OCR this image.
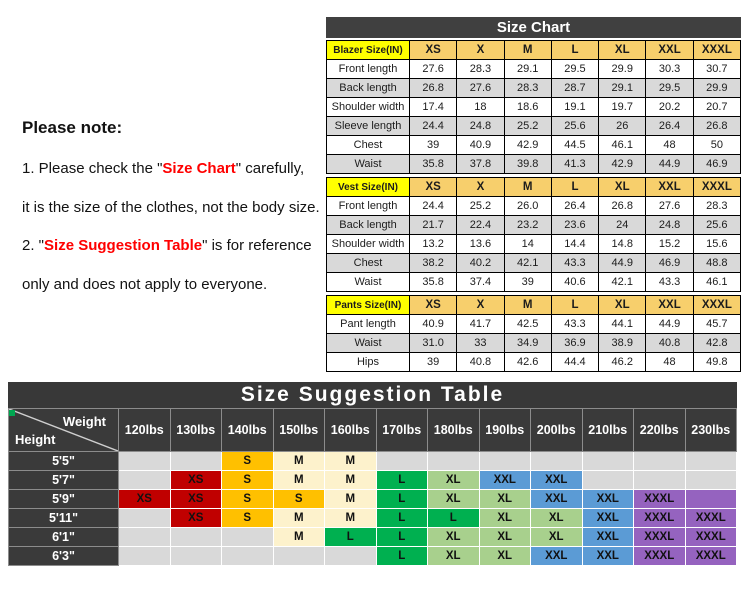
Please note:

1. Please check the "Size Chart" carefully,

it is the size of the clothes, not the body size.

2. "Size Suggestion Table" is for reference

only and does not apply to everyone.

Size Chart
Blazer Size(IN)	XS	X	M	L	XL	XXL	XXXL
Front length	27.6	28.3	29.1	29.5	29.9	30.3	30.7
Back length	26.8	27.6	28.3	28.7	29.1	29.5	29.9
Shoulder width	17.4	18	18.6	19.1	19.7	20.2	20.7
Sleeve length	24.4	24.8	25.2	25.6	26	26.4	26.8
Chest	39	40.9	42.9	44.5	46.1	48	50
Waist	35.8	37.8	39.8	41.3	42.9	44.9	46.9
Vest Size(IN)	XS	X	M	L	XL	XXL	XXXL
Front length	24.4	25.2	26.0	26.4	26.8	27.6	28.3
Back length	21.7	22.4	23.2	23.6	24	24.8	25.6
Shoulder width	13.2	13.6	14	14.4	14.8	15.2	15.6
Chest	38.2	40.2	42.1	43.3	44.9	46.9	48.8
Waist	35.8	37.4	39	40.6	42.1	43.3	46.1
Pants Size(IN)	XS	X	M	L	XL	XXL	XXXL
Pant length	40.9	41.7	42.5	43.3	44.1	44.9	45.7
Waist	31.0	33	34.9	36.9	38.9	40.8	42.8
Hips	39	40.8	42.6	44.4	46.2	48	49.8
Size Suggestion Table
Weight
Height	120lbs	130lbs	140lbs	150lbs	160lbs	170lbs	180lbs	190lbs	200lbs	210lbs	220lbs	230lbs
5'5"			S	M	M							
5'7"		XS	S	M	M	L	XL	XXL	XXL			
5'9"	XS	XS	S	S	M	L	XL	XL	XXL	XXL	XXXL	
5'11"		XS	S	M	M	L	L	XL	XL	XXL	XXXL	XXXL
6'1"				M	L	L	XL	XL	XL	XXL	XXXL	XXXL
6'3"						L	XL	XL	XXL	XXL	XXXL	XXXL
